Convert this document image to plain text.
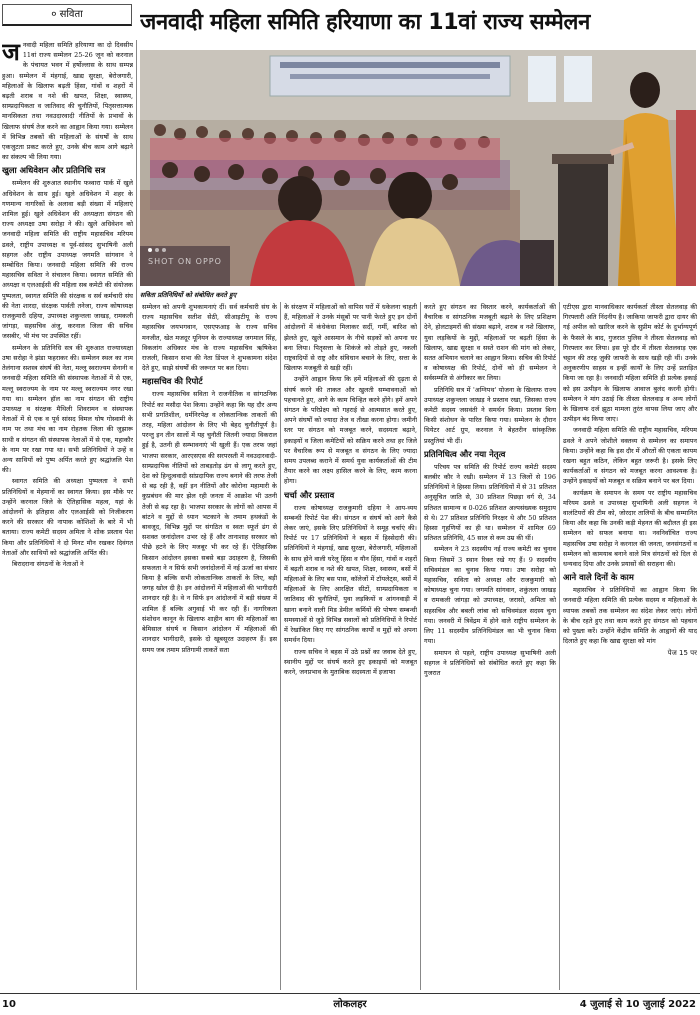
० सविता	जनवादी महिला समिति हरियाणा का 11वां राज्य सम्मेलन

जनवादी महिला समिति हरियाणा का दो दिवसीय 11वां राज्य सम्मेलन 25-26 जून को करनाल के पंचायत भवन में हर्षोल्लास के साथ सम्पन्न हुआ। सम्मेलन में मंहगाई, खाद्य सुरक्षा, बेरोजगारी, महिलाओं के खिलाफ बढ़ती हिंसा, गांवों व शहरों में बढ़ती शराब व नशे की खपत, शिक्षा, स्वास्थ्य, साम्प्रदायिकता व जातिवाद की चुनौतियों, पितृसत्तात्मक मानसिकता तथा नवउदारवादी नीतियों के प्रभावों के खिलाफ संघर्ष तेज करने का आह्वान किया गया। सम्मेलन में विभिन्न तबकों की महिलाओं के संघर्षों के साथ एकजुटता प्रकट करते हुए, उनके बीच काम आगे बढ़ाने का संकल्प भी लिया गया।

खुला अधिवेशन और प्रतिनिधि सत्र

सम्मेलन की शुरुआत स्थानीय फव्वारा पार्क में खुले अधिवेशन के साथ हुई। खुले अधिवेशन में शहर के गणमान्य नागरिकों के अलावा बड़ी संख्या में महिलाएं शामिल हुई। खुले अधिवेशन की अध्यक्षता संगठन की राज्य अध्यक्षा उषा सरोहा ने की। खुले अधिवेशन को जनवादी महिला समिति की राष्ट्रीय महासचिव मरियम ढवले, राष्ट्रीय उपाध्यक्ष व पूर्व-सांसद सुभाषिनी अली सहगल और राष्ट्रीय उपाध्यक्ष जगमति सांगवान ने सम्बोधित किया। जनवादी महिला समिति की राज्य महासचिव सविता ने संचालन किया। स्वागत समिति की अध्यक्षा व एलआईसी की महिला सब कमेटी की संयोजक पुष्पलता, स्वागत समिति की संरक्षक व सर्व कर्मचारी संघ की नेता शारदा, संरक्षक पार्वती तनेजा, राज्य कोषाध्यक्ष राजकुमारी दहिया, उपाध्यक्ष शकुन्तला जाखड़, रामकली जांगड़ा, सहसचिव अंजु, करनाल जिला की सचिव जसबीर, भी मंच पर उपस्थित रहीं।

सम्मेलन के प्रतिनिधि सत्र की शुरुआत राज्याध्यक्षा उषा सरोहा ने झंडा फहराकर की। सम्मेलन स्थल का नाम तेलंगाना सशस्त्र संघर्ष की नेता, मल्लू स्वराज्यम सेनानी व जनवादी महिला समिति की संस्थापक नेताओं में से एक, मल्लू स्वराज्यम के नाम पर मल्लू स्वराज्यम नगर रखा गया था। सम्मेलन हॉल का नाम संगठन की राष्ट्रीय उपाध्यक्ष व संरक्षक मैथिली शिवरामन व संस्थापक नेताओं में से एक व पूर्व सांसद विमल घोष गोस्वामी के नाम पर तथा मंच का नाम रोहतक जिला की जुझारू साथी व संगठन की संस्थापक नेताओं में से एक, महाकौर के नाम पर रखा गया था। सभी प्रतिनिधियों ने उन्हें व अन्य साथियों को पुष्प अर्पित करते हुए श्रद्धांजलि पेश की।

स्वागत समिति की अध्यक्षा पुष्पलता ने सभी प्रतिनिधियों व मेहमानों का स्वागत किया। इस मौके पर उन्होंने करनाल जिले के ऐतिहासिक महत्व, यहां के आंदोलनों के इतिहास और एलआईसी को निजीकरण करने की सरकार की नापाक कोशिशों के बारे में भी बताया। राज्य कमेटी सदस्य अमिता ने शोक प्रस्ताव पेश किया और प्रतिनिधियों ने दो मिनट मौन रखकर दिवंगत नेताओं और साथियों को श्रद्धांजलि अर्पित की।

बिरादराना संगठनों के नेताओं ने

SHOT ON OPPO
सविता प्रतिनिधियों को संबोधित करते हुए

सम्मेलन को अपनी शुभकामनाएं दीं। सर्व कर्मचारी संघ के राज्य महासचिव सतीश सेठी, सीआइटीयू के राज्य महासचिव जयभगवान, एसएफआइ के राज्य सचिव मनजीत, खेत मजदूर यूनियन के राज्याध्यक्ष जगमाल सिंह, विकलांग अधिकार मंच के राज्य महासचिव ऋषिकेश राजली, किसान सभा की नेता डिंपल ने शुभकामना संदेश देते हुए, साझे संघर्षों की जरूरत पर बल दिया।

महासचिव की रिपोर्ट

राज्य महासचिव सविता ने राजनीतिक व सांगठनिक रिपोर्ट का मसौदा पेश किया। उन्होंने कहा कि यह दौर अन्य सभी प्रगतिशील, धर्मनिरपेक्ष व लोकतान्त्रिक ताकतों की तरह, महिला आंदोलन के लिए भी बेहद चुनौतीपूर्ण है। परन्तु इन तीन सालों में यह चुनौती जितनी ज्यादा विकराल हुई है, उतनी ही सम्भावनाएं भी खुली हैं। एक तरफ जहां भाजपा सरकार, आरएसएस की सरपरस्ती में नवउदारवादी-साम्प्रदायिक नीतियों को ताबड़तोड़ ढंग से लागू करते हुए, देश को हिन्दुत्ववादी सांप्रदायिक राज्य बनाने की तरफ तेजी से बढ़ रही है, वहीं इन नीतियों और कोरोना महामारी के कुप्रबंधन की मार झेल रही जनता में आक्रोश भी उतनी तेजी से बढ़ रहा है। भाजपा सरकार के लोगों को आपस में बांटने व मुद्दों से ध्यान भटकाने के तमाम हथकंडों के बावजूद, विभिन्न मुद्दों पर संगठित व स्वतः स्फूर्त ढंग से सशक्त जनांदोलन उभर रहे हैं और तानाशाह सरकार को पीछे हटने के लिए मजबूर भी कर रहे हैं। ऐतिहासिक किसान आंदोलन इसका सबसे बड़ा उदाहरण है, जिसकी सफलता ने न सिर्फ सभी जनांदोलनों में नई ऊर्जा का संचार किया है बल्कि सभी लोकतान्त्रिक ताकतों के लिए, बड़ी जगह खोल दी है। इन आंदोलनों में महिलाओं की भागीदारी शानदार रही है। वे न सिर्फ इन आंदोलनों में बड़ी संख्या में शामिल हैं बल्कि अगुवाई भी कर रही हैं। नागरिकता संशोधन कानून के खिलाफ शाहीन बाग की महिलाओं का बेमिसाल संघर्ष व किसान आंदोलन में महिलाओं की शानदार भागीदारी, इसके दो खूबसूरत उदाहरण हैं। इस समय जब तमाम प्रतिगामी ताकतें सता

के संरक्षण में महिलाओं को वापिस घरों में धकेलना चाहती हैं, महिलाओं ने उनके मंसूबों पर पानी फेरते हुए इन दोनों आंदोलनों में कंधेकंधा मिलाकर सर्दी, गर्मी, बारिश को झेलते हुए, खुले आसमान के नीचे सड़कों को अपना घर बना लिया। पितृसत्ता के शिकंजे को तोड़ते हुए, नकली राष्ट्रवादियों से राष्ट्र और संविधान बचाने के लिए, सत्ता के खिलाफ मजबूती से खड़ी रहीं।

उन्होंने आह्वान किया कि हमें महिलाओं की दृढ़ता से संघर्ष करने की ताकत और खुलती सम्भावनाओं को पहचानते हुए, आगे के काम चिन्हित करने होंगे। हमें अपने संगठन के परिप्रेक्ष्य को गहराई से आत्मसात करते हुए, अपने संघर्षों को ज्यादा तेज व तीखा करना होगा। जमीनी स्तर पर संगठन को मजबूत करने, सदस्यता बढ़ाने, इकाइयों व जिला कमेटियों को सक्रिय करने तथा हर जिले पर वैचारिक रूप से मजबूत व संगठन के लिए ज्यादा समय उपलब्ध कराने में समर्थ युवा कार्यकर्ताओं की टीम तैयार करने का लक्ष्य हासिल करने के लिए, काम करना होगा।

चर्चा और प्रस्ताव

राज्य कोषाध्यक्ष राजकुमारी दहिया ने आय-व्यय सम्बन्धी रिपोर्ट पेश की। संगठन व संघर्ष को आगे कैसे लेकर जाएं, इसके लिए प्रतिनिधियों ने समूह चर्चाएं की। रिपोर्ट पर 17 प्रतिनिधियों ने बहस में हिस्सेदारी की। प्रतिनिधियों ने मंहगाई, खाद्य सुरक्षा, बेरोजगारी, महिलाओं के साथ होने वाली घरेलू हिंसा व यौन हिंसा, गांवों व शहरों में बढ़ती शराब व नशे की खपत, शिक्षा, स्वास्थ्य, बसों में महिलाओं के लिए बस पास, कॉलेजों में टॉयलेट्स, बसों में महिलाओं के लिए आरक्षित सीटों, साम्प्रदायिकता व जातिवाद की चुनौतियों, युवा लड़कियों व आंगनवाड़ी में खाना बनाने वाली मिड डेमील कर्मियों की पोषण सम्बन्धी समस्याओं से जुड़े विभिन्न सवालों को प्रतिनिधियों ने रिपोर्ट में रेखांकित किए गए सांगठनिक कार्यों व मुद्दों को अपना समर्थन दिया।

राज्य सचिव ने बहस में उठे प्रश्नों का जवाब देते हुए, स्थानीय मुद्दों पर संघर्ष करते हुए इकाइयों को मजबूत करने, जनप्रभाव के मुताबिक सदस्यता में इजाफा

करते हुए संगठन का विस्तार करने, कार्यकर्ताओं की वैचारिक व सांगठनिक मजबूती बढ़ाने के लिए प्रशिक्षण देने, होलटाइमरों की संख्या बढ़ाने, शराब व नशे खिलाफ, युवा लड़कियों के मुद्दों, महिलाओं पर बढ़ती हिंसा के खिलाफ, खाद्य सुरक्षा व सस्ते राशन की मांग को लेकर, सतत अभियान चलाने का आह्वान किया। सचिव की रिपोर्ट व कोषाध्यक्ष की रिपोर्ट, दोनों को ही सम्मेलन ने सर्वसम्मति से अंगीकार कर लिया।

प्रतिनिधि सत्र में 'अग्निपथ' योजना के खिलाफ राज्य उपाध्यक्ष शकुन्तला जाखड़ ने प्रस्ताव रखा, जिसका राज्य कमेटी सदस्य जसवंती ने समर्थन किया। प्रस्ताव बिना किसी संशोधन के पारित किया गया। सम्मेलन के दौरान थियेटर आर्ट ग्रुप, करनाल ने बेहतरीन सांस्कृतिक प्रस्तुतियां भी दीं।

प्रतिनिधित्व और नया नेतृत्व

परिचय पत्र समिति की रिपोर्ट राज्य कमेटी सदस्य बलबीर कौर ने रखी। सम्मेलन में 13 जिलों से 196 प्रतिनिधियों ने हिस्सा लिया। प्रतिनिधियों में से 31 प्रतिशत अनुसूचित जाति से, 30 प्रतिशत पिछड़ा वर्ग से, 34 प्रतिशत सामान्य व 0-026 प्रतिशत अल्पसंख्यक समुदाय से थे। 27 प्रतिशत प्रतिनिधि निरक्षर थे और 50 प्रतिशत हिस्सा गृहणियों का ही था। सम्मेलन में शामिल 69 प्रतिशत प्रतिनिधि, 45 साल से कम उम्र की थीं।

सम्मेलन ने 23 सदस्यीय नई राज्य कमेटी का चुनाव किया जिसमें 3 स्थान रिक्त रखे गए हैं। 9 सदस्यीय सचिवमंडल का चुनाव किया गया। उषा सरोहा को महासचिव, सविता को अध्यक्ष और राजकुमारी को कोषाध्यक्ष चुना गया। जगमति सांगवान, शकुंतला जाखड़ व रामकली जांगड़ा को उपाध्यक्ष, जरासो, अमिता को सहसचिव और बबली लांबा को सचिवमंडल सदस्य चुना गया। जनवरी में त्रिवेंद्रम में होने वाले राष्ट्रीय सम्मेलन के लिए 11 सदस्यीय प्रतिनिधिमंडल का भी चुनाव किया गया।

समापन से पहले, राष्ट्रीय उपाध्यक्ष सुभाषिनी अली सहगल ने प्रतिनिधियों को संबोधित करते हुए कहा कि गुजरात

एटीएस द्वारा मानवाधिकार कार्यकर्ता तीस्ता सेतलवाड़ की गिरफ्तारी अति निंदनीय है। जाकिया जाफरी द्वारा दायर की गई अपील को खारिज करने के सुप्रीम कोर्ट के दुर्भाग्यपूर्ण के फैसले के बाद, गुजरात पुलिस ने तीस्ता सेतलवाड़ को गिरफ्तार कर लिया। इस पूरे दौर में तीस्ता सेतलवाड़ एक चट्टान की तरह ज़ुकी जाफरी के साथ खड़ी रही थीं। उनके अनुकरणीय साहस व इन्हीं कार्यों के लिए उन्हें प्रताड़ित किया जा रहा है। जनवादी महिला समिति ही प्रत्येक इकाई को इस उत्पीड़न के खिलाफ आवाज बुलंद करनी होगी। सम्मेलन ने मांग उठाई कि तीस्ता सेतलवाड़ व अन्य लोगों के खिलाफ दर्ज झूठा मामला तुरंत वापस लिया जाए और उत्पीड़न बंद किया जाए।

जनवादी महिला समिति की राष्ट्रीय महासचिव, मरियम ढवले ने अपने जोशीले वक्तव्य से सम्मेलन का समापन किया। उन्होंने कहा कि इस दौर में औरतों की एकता कायम रखना बहुत कठिन, लेकिन बहुत जरूरी है। इसके लिए कार्यकर्ताओं व संगठन को मजबूत करना आवश्यक है। उन्होंने इकाइयों को मजबूत व सक्रिय बनाने पर बल दिया।

कार्यक्रम के समापन के समय पर राष्ट्रीय महासचिव मरियम ढवले व उपाध्यक्ष सुभाषिनी अली सहगल ने वालंटियरों की टीम को, जोरदार तालियों के बीच सम्मानित किया और कहा कि उनकी कड़ी मेहनत की बदौलत ही इस सम्मेलन को सफल बनाया था। नवनिर्वाचित राज्य महासचिव उषा सरोहा ने करनाल की जनता, जनसंगठनों व सम्मेलन को कामयाब बनाने वाले मित्र संगठनों को दिल से धन्यवाद दिया और उनके प्रयासों की सराहना की।

आने वाले दिनों के काम

महासचिव ने प्रतिनिधियों का आह्वान किया कि जनवादी महिला समिति की प्रत्येक सदस्य व महिलाओं के व्यापक तबकों तक सम्मेलन का संदेश लेकर जाएं। लोगों के बीच रहते हुए तथा काम करते हुए संगठन को पहचान को पुख्ता करें। उन्होंने केंद्रीय समिति के आह्वानों की याद दिलाते हुए कहा कि खाद्य सुरक्षा को मांग

पेज 15 पर
10	लोकलहर	4 जुलाई से 10 जुलाई 2022
